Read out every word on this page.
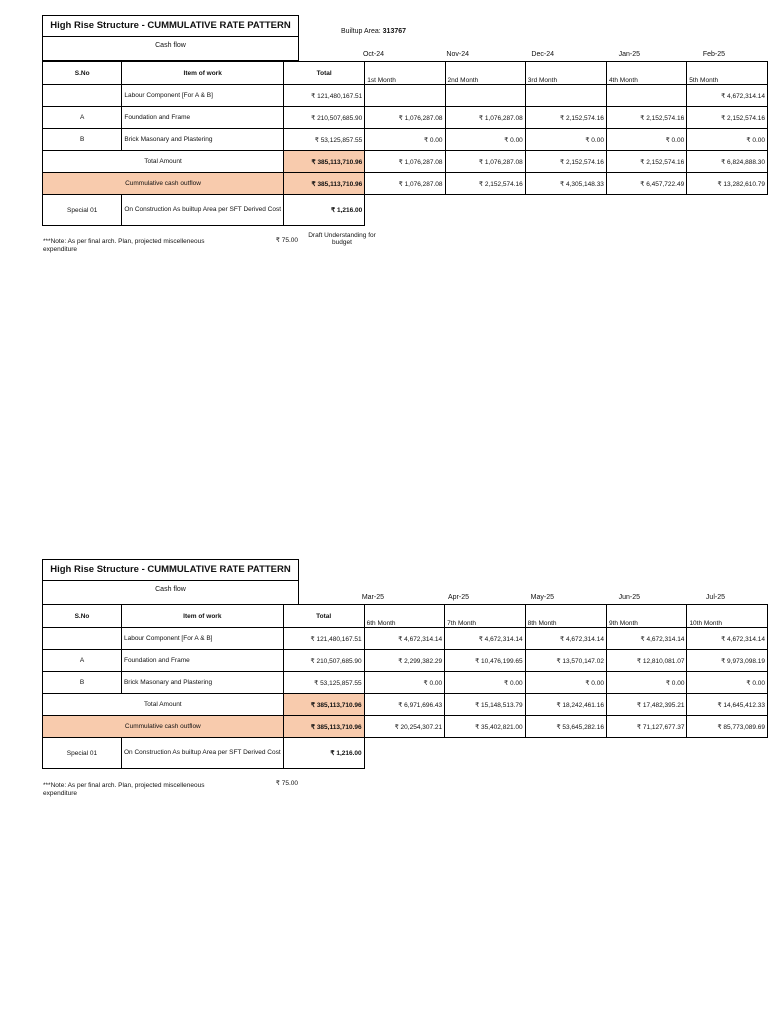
Builtup Area: 313767
High Rise Structure - CUMMULATIVE RATE PATTERN
Cash flow
Oct-24	Nov-24	Dec-24	Jan-25	Feb-25
S.No	Item of work	Total	1st Month	2nd Month	3rd Month	4th Month	5th Month
	Labour Component [For A & B]	₹ 121,480,167.51					₹ 4,672,314.14
A	Foundation and Frame	₹ 210,507,685.90	₹ 1,076,287.08	₹ 1,076,287.08	₹ 2,152,574.16	₹ 2,152,574.16	₹ 2,152,574.16
B	Brick Masonary and Plastering	₹ 53,125,857.55	₹ 0.00	₹ 0.00	₹ 0.00	₹ 0.00	₹ 0.00
Total Amount		₹ 385,113,710.96	₹ 1,076,287.08	₹ 1,076,287.08	₹ 2,152,574.16	₹ 2,152,574.16	₹ 6,824,888.30
Cummulative cash outflow		₹ 385,113,710.96	₹ 1,076,287.08	₹ 2,152,574.16	₹ 4,305,148.33	₹ 6,457,722.49	₹ 13,282,610.79
Special 01	On Construction As builtup Area per SFT Derived Cost	₹ 1,216.00					
***Note: As per final arch. Plan, projected miscelleneous expenditure
₹ 75.00
Draft Understanding for budget
High Rise Structure - CUMMULATIVE RATE PATTERN
Cash flow
Mar-25	Apr-25	May-25	Jun-25	Jul-25
S.No	Item of work	Total	6th Month	7th Month	8th Month	9th Month	10th Month
	Labour Component [For A & B]	₹ 121,480,167.51	₹ 4,672,314.14	₹ 4,672,314.14	₹ 4,672,314.14	₹ 4,672,314.14	₹ 4,672,314.14
A	Foundation and Frame	₹ 210,507,685.90	₹ 2,299,382.29	₹ 10,476,199.65	₹ 13,570,147.02	₹ 12,810,081.07	₹ 9,973,098.19
B	Brick Masonary and Plastering	₹ 53,125,857.55	₹ 0.00	₹ 0.00	₹ 0.00	₹ 0.00	₹ 0.00
Total Amount		₹ 385,113,710.96	₹ 6,971,696.43	₹ 15,148,513.79	₹ 18,242,461.16	₹ 17,482,395.21	₹ 14,645,412.33
Cummulative cash outflow		₹ 385,113,710.96	₹ 20,254,307.21	₹ 35,402,821.00	₹ 53,645,282.16	₹ 71,127,677.37	₹ 85,773,089.69
Special 01	On Construction As builtup Area per SFT Derived Cost	₹ 1,216.00					
***Note: As per final arch. Plan, projected miscelleneous expenditure
₹ 75.00
